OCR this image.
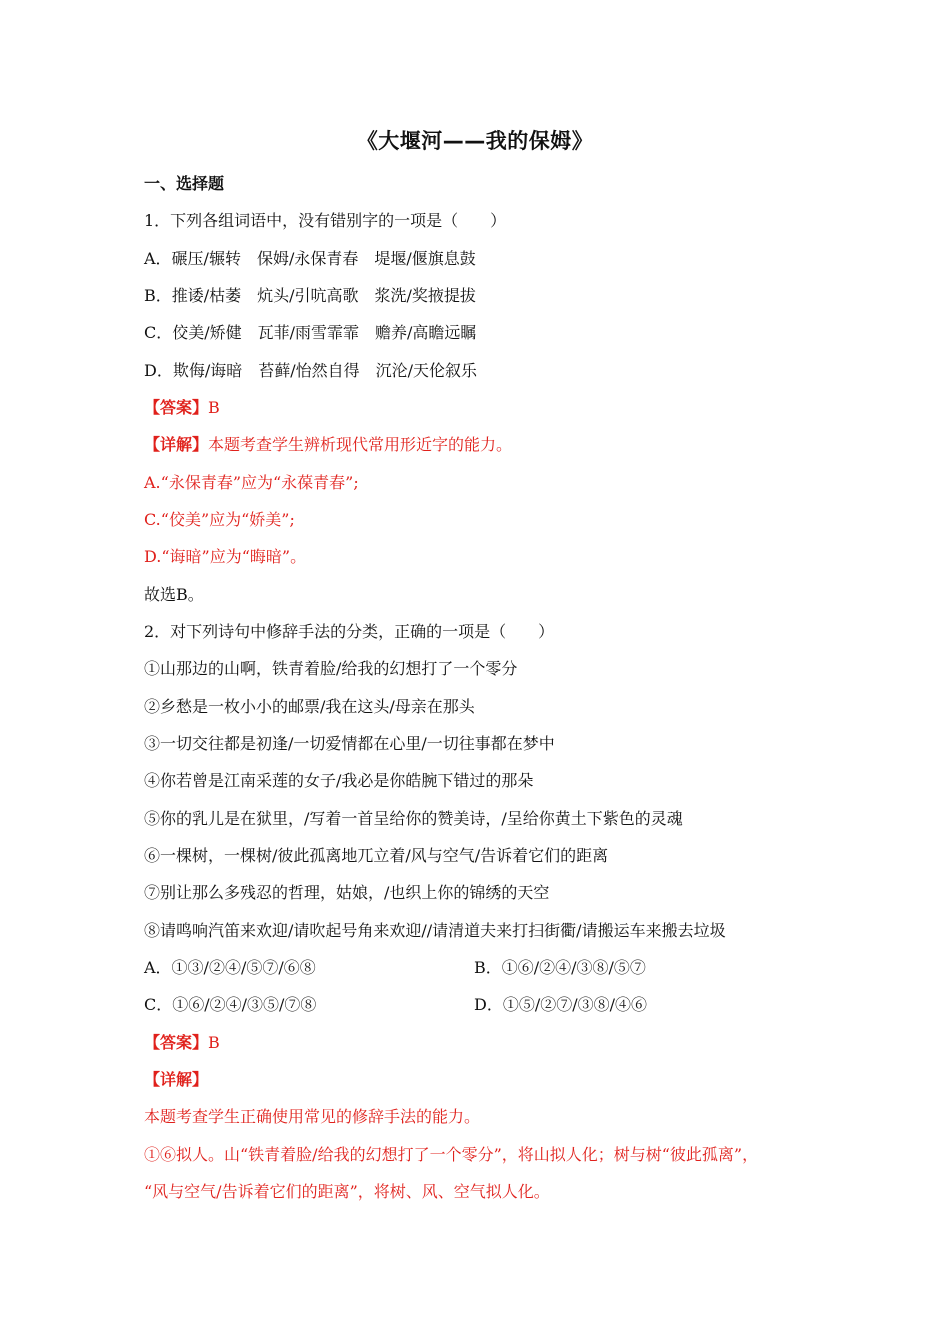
《大堰河——我的保姆》
一、选择题
1．下列各组词语中，没有错别字的一项是（　　）
A．碾压/辗转　保姆/永保青春　堤堰/偃旗息鼓
B．推诿/枯萎　炕头/引吭高歌　浆洗/奖掖提拔
C．佼美/矫健　瓦菲/雨雪霏霏　赡养/高瞻远瞩
D．欺侮/诲暗　苔藓/怡然自得　沉沦/天伦叙乐
【答案】B
【详解】本题考查学生辨析现代常用形近字的能力。
A.“永保青春”应为“永葆青春”;
C.“佼美”应为“娇美”;
D.“诲暗”应为“晦暗”。
故选B。
2．对下列诗句中修辞手法的分类，正确的一项是（　　）
①山那边的山啊，铁青着脸/给我的幻想打了一个零分
②乡愁是一枚小小的邮票/我在这头/母亲在那头
③一切交往都是初逢/一切爱情都在心里/一切往事都在梦中
④你若曾是江南采莲的女子/我必是你皓腕下错过的那朵
⑤你的乳儿是在狱里，/写着一首呈给你的赞美诗，/呈给你黄土下紫色的灵魂
⑥一棵树，一棵树/彼此孤离地兀立着/风与空气/告诉着它们的距离
⑦别让那么多残忍的哲理，姑娘，/也织上你的锦绣的天空
⑧请鸣响汽笛来欢迎/请吹起号角来欢迎//请清道夫来打扫街衢/请搬运车来搬去垃圾
A．①③/②④/⑤⑦/⑥⑧	B．①⑥/②④/③⑧/⑤⑦
C．①⑥/②④/③⑤/⑦⑧	D．①⑤/②⑦/③⑧/④⑥
【答案】B
【详解】
本题考查学生正确使用常见的修辞手法的能力。
①⑥拟人。山“铁青着脸/给我的幻想打了一个零分”，将山拟人化；树与树“彼此孤离”，
“风与空气/告诉着它们的距离”，将树、风、空气拟人化。
